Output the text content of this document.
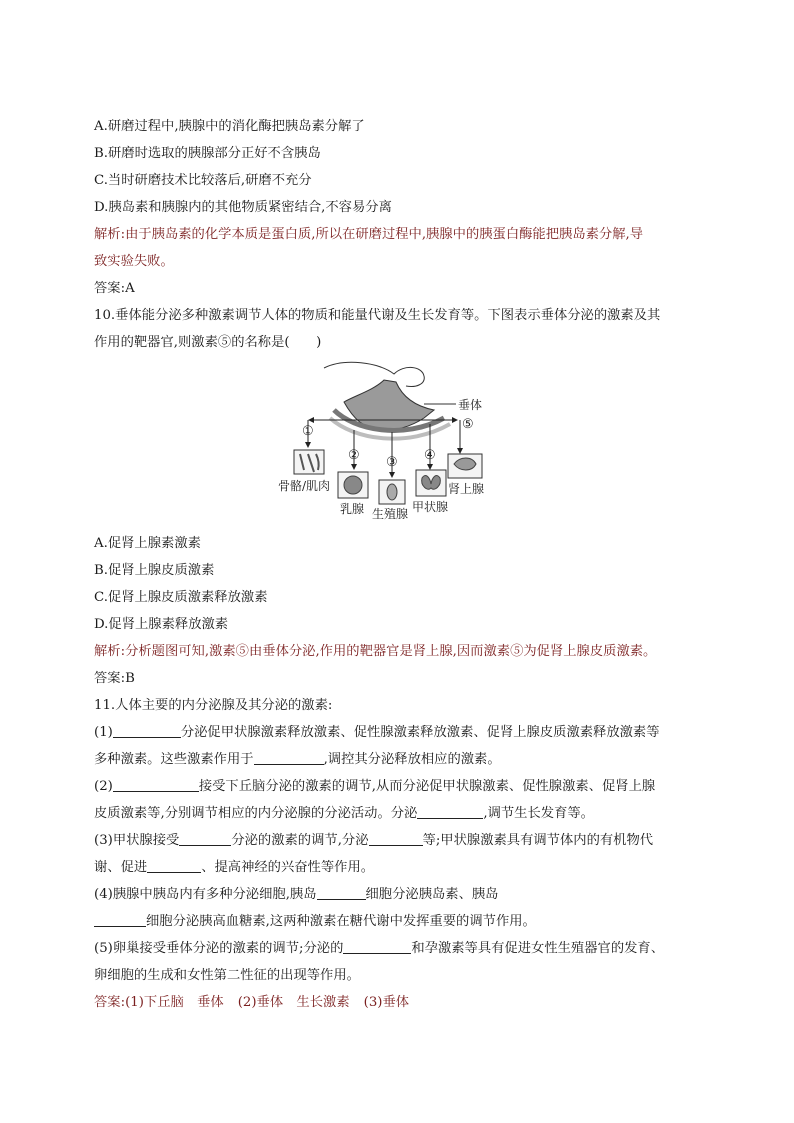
A.研磨过程中,胰腺中的消化酶把胰岛素分解了
B.研磨时选取的胰腺部分正好不含胰岛
C.当时研磨技术比较落后,研磨不充分
D.胰岛素和胰腺内的其他物质紧密结合,不容易分离
解析:由于胰岛素的化学本质是蛋白质,所以在研磨过程中,胰腺中的胰蛋白酶能把胰岛素分解,导
致实验失败。
答案:A
10.垂体能分泌多种激素调节人体的物质和能量代谢及生长发育等。下图表示垂体分泌的激素及其
作用的靶器官,则激素⑤的名称是(　　)
垂体
①
② ③ ④
⑤
骨骼/肌肉
乳腺 生殖腺 甲状腺
肾上腺
A.促肾上腺素激素
B.促肾上腺皮质激素
C.促肾上腺皮质激素释放激素
D.促肾上腺素释放激素
解析:分析题图可知,激素⑤由垂体分泌,作用的靶器官是肾上腺,因而激素⑤为促肾上腺皮质激素。
答案:B
11.人体主要的内分泌腺及其分泌的激素:
(1)	分泌促甲状腺激素释放激素、促性腺激素释放激素、促肾上腺皮质激素释放激素等
多种激素。这些激素作用于	,调控其分泌释放相应的激素。
(2)	接受下丘脑分泌的激素的调节,从而分泌促甲状腺激素、促性腺激素、促肾上腺
皮质激素等,分别调节相应的内分泌腺的分泌活动。分泌	,调节生长发育等。
(3)甲状腺接受	分泌的激素的调节,分泌	等;甲状腺激素具有调节体内的有机物代
谢、促进	、提高神经的兴奋性等作用。
(4)胰腺中胰岛内有多种分泌细胞,胰岛	细胞分泌胰岛素、胰岛
细胞分泌胰高血糖素,这两种激素在糖代谢中发挥重要的调节作用。
(5)卵巢接受垂体分泌的激素的调节;分泌的	和孕激素等具有促进女性生殖器官的发育、
卵细胞的生成和女性第二性征的出现等作用。
答案:(1)下丘脑　垂体 (2)垂体　生长激素 (3)垂体
